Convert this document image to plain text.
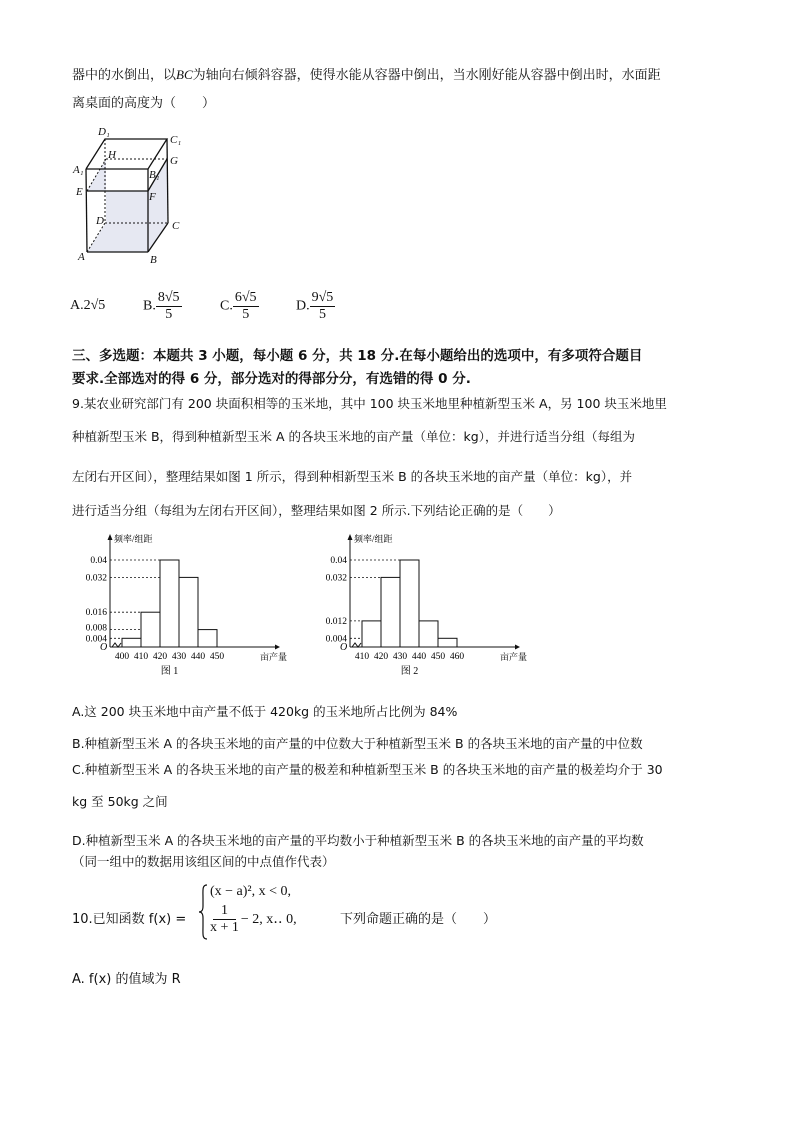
器中的水倒出，以BC为轴向右倾斜容器，使得水能从容器中倒出，当水刚好能从容器中倒出时，水面距
离桌面的高度为（　　）
D₁
C₁
H	G
A₁	B₁
E	F
D	C
A	B
A.2√5	B. $\frac{8√5}{5}$	C. $\frac{6√5}{5}$	D. $\frac{9√5}{5}$
三、多选题：本题共 3 小题，每小题 6 分，共 18 分.在每小题给出的选项中，有多项符合题目
要求.全部选对的得 6 分，部分选对的得部分分，有选错的得 0 分.
9.某农业研究部门有 200 块面积相等的玉米地，其中 100 块玉米地里种植新型玉米 A，另 100 块玉米地里
种植新型玉米 B，得到种植新型玉米 A 的各块玉米地的亩产量（单位：kg），并进行适当分组（每组为
左闭右开区间），整理结果如图 1 所示，得到种相新型玉米 B 的各块玉米地的亩产量（单位：kg），并
进行适当分组（每组为左闭右开区间），整理结果如图 2 所示.下列结论正确的是（　　）
频率/组距
O
亩产量
图 1
0.004
0.008
0.016
0.032
0.04
400 410 420 430 440 450
频率/组距
O
亩产量
图 2
0.004
0.012
0.032
0.04
410 420 430 440 450 460
A.这 200 块玉米地中亩产量不低于 420kg 的玉米地所占比例为 84%
B.种植新型玉米 A 的各块玉米地的亩产量的中位数大于种植新型玉米 B 的各块玉米地的亩产量的中位数
C.种植新型玉米 A 的各块玉米地的亩产量的极差和种植新型玉米 B 的各块玉米地的亩产量的极差均介于 30
kg 至 50kg 之间
D.种植新型玉米 A 的各块玉米地的亩产量的平均数小于种植新型玉米 B 的各块玉米地的亩产量的平均数
（同一组中的数据用该组区间的中点值作代表）
10.已知函数 f(x) =
(x − a)², x < 0,
$\frac{1}{x + 1} - 2$, x‥ 0,	下列命题正确的是（　　）
A. f(x) 的值域为 R
